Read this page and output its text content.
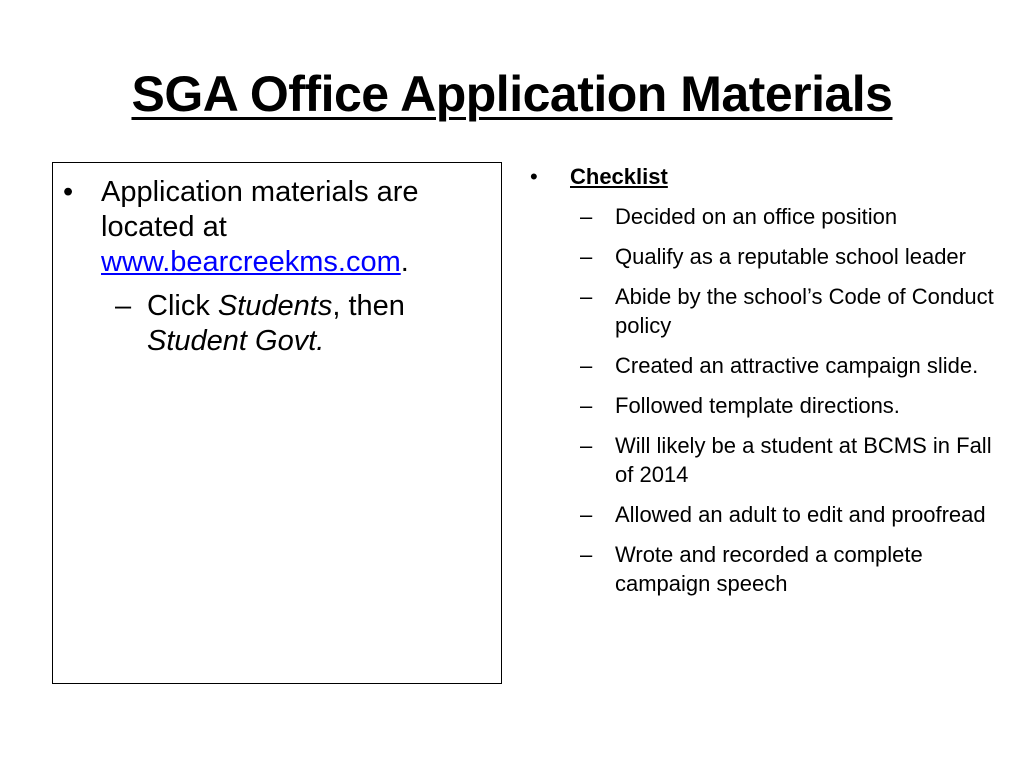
SGA Office Application Materials
• Application materials are located at www.bearcreekms.com.
– Click Students, then Student Govt.
• Checklist
– Decided on an office position
– Qualify as a reputable school leader
– Abide by the school’s Code of Conduct policy
– Created an attractive campaign slide.
– Followed template directions.
– Will likely be a student at BCMS in Fall of 2014
– Allowed an adult to edit and proofread
– Wrote and recorded a complete campaign speech
